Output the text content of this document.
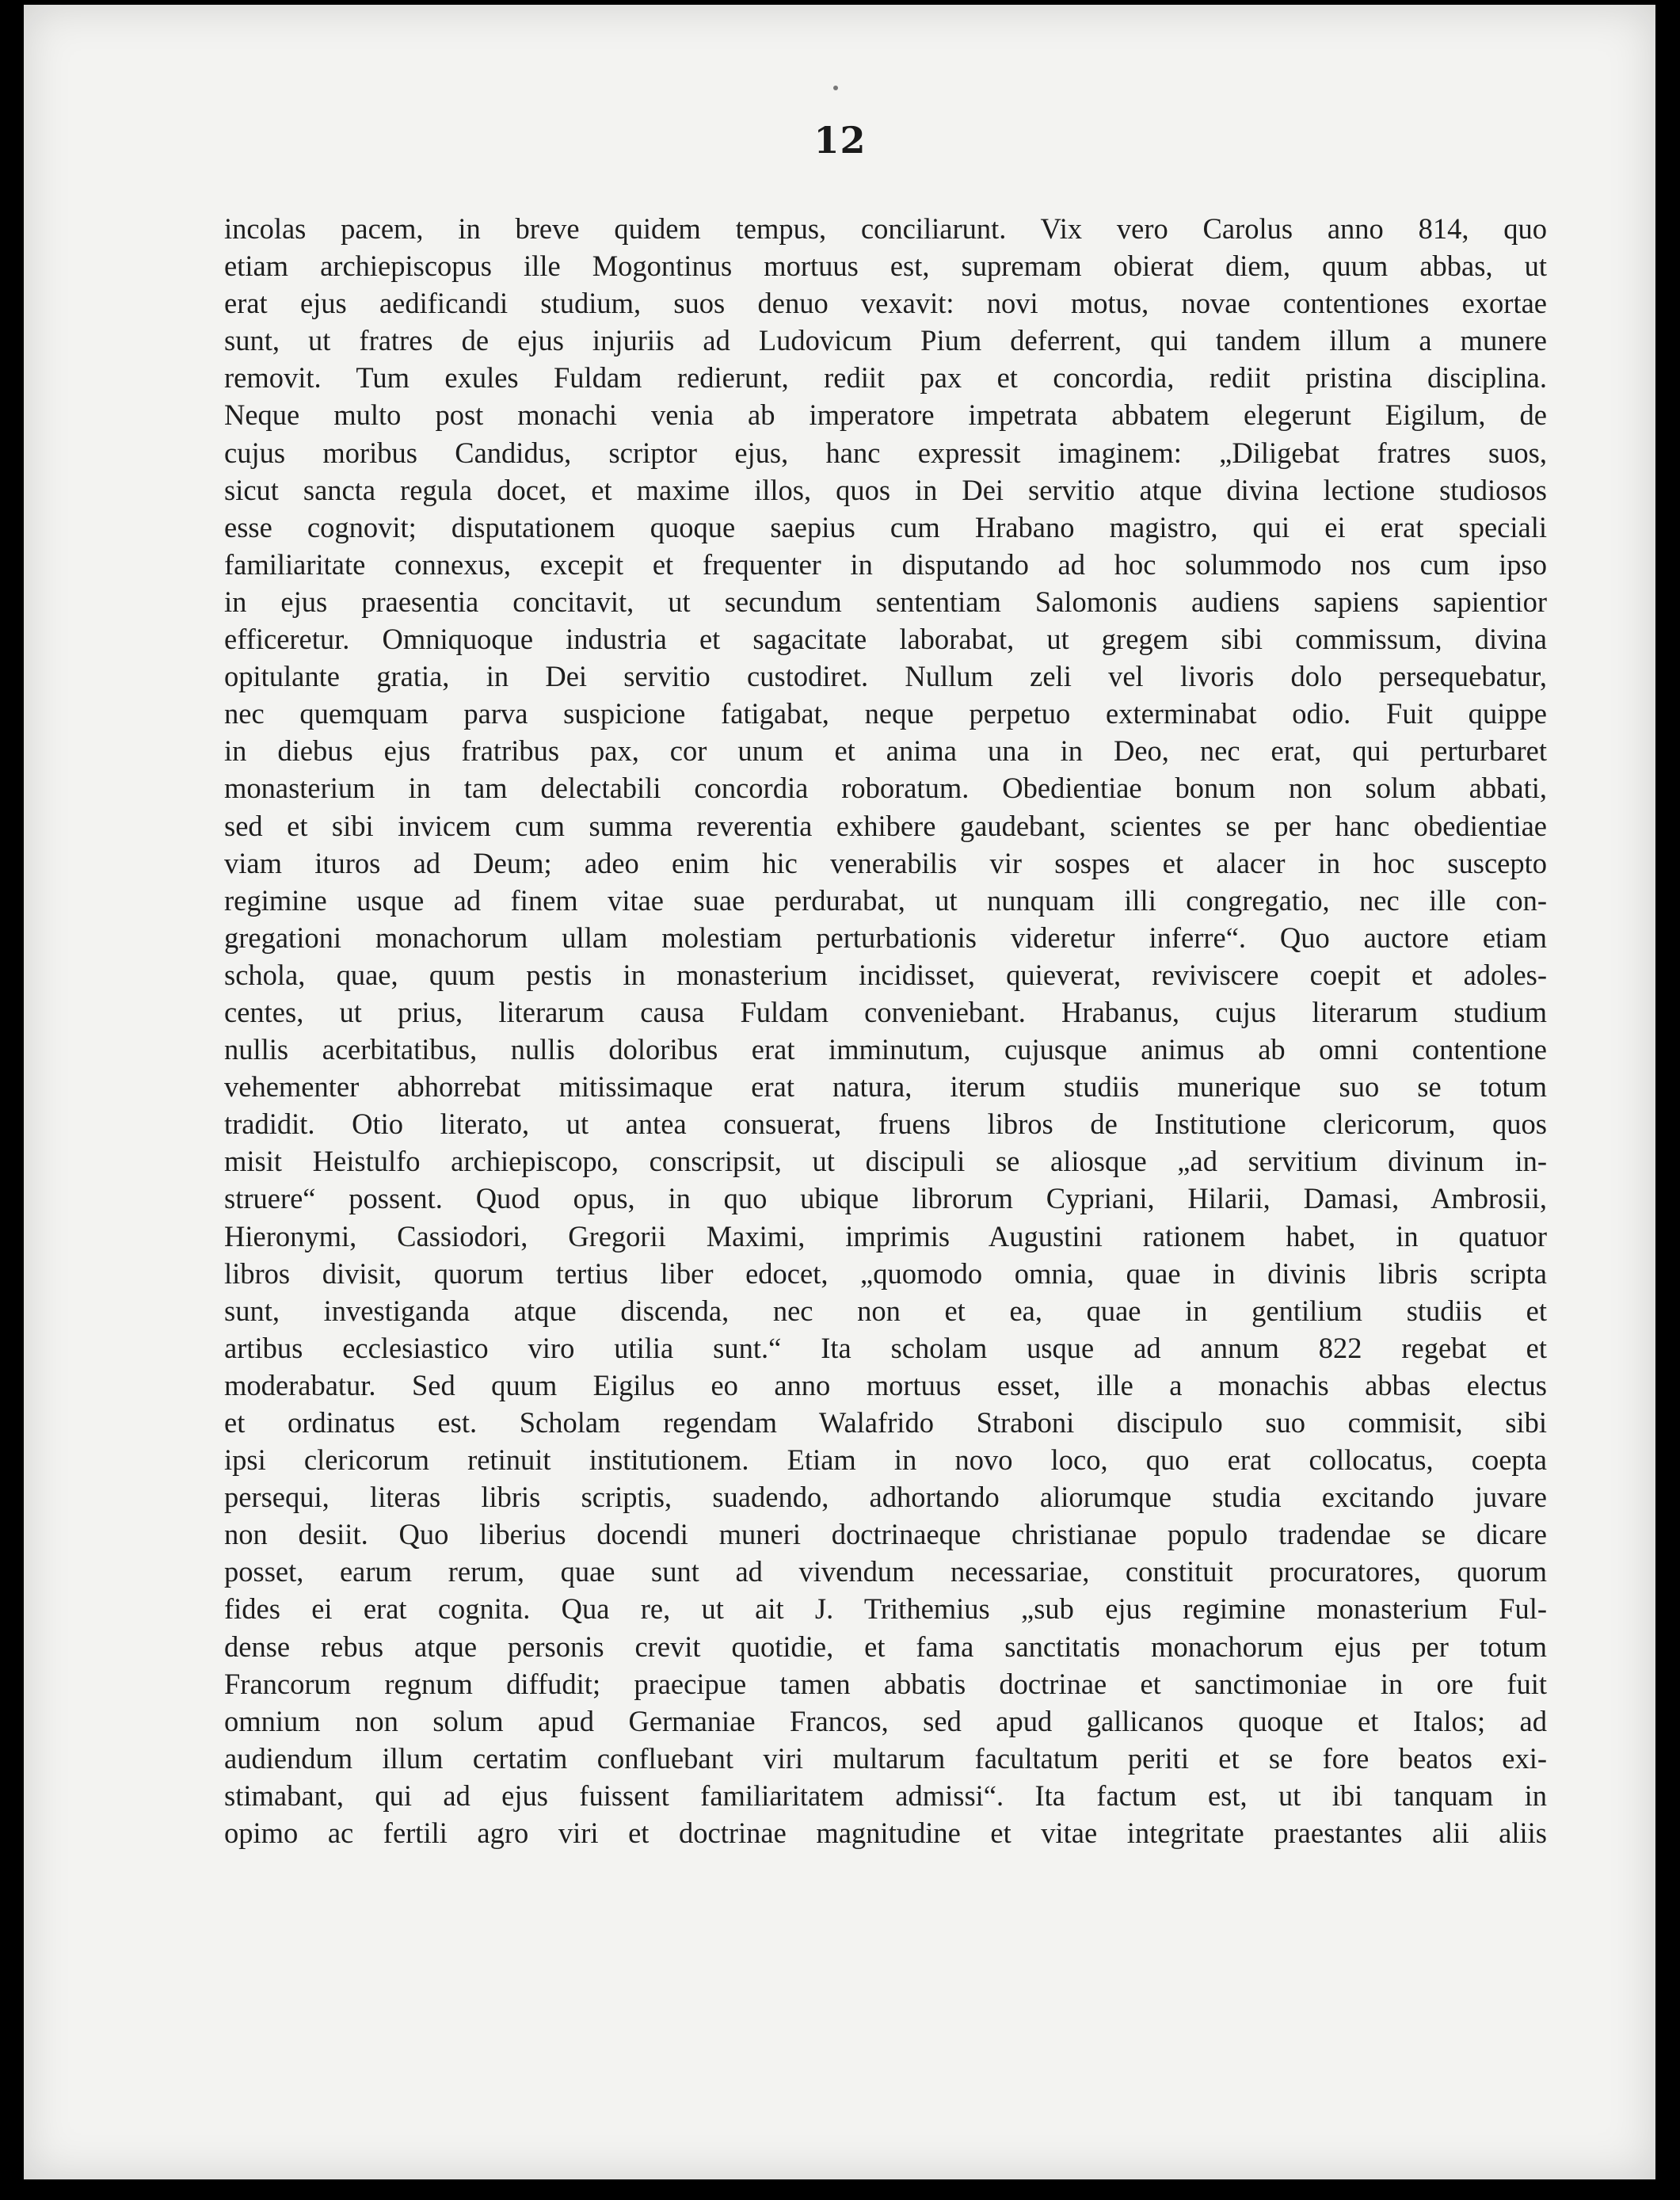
12
incolas pacem, in breve quidem tempus, conciliarunt. Vix vero Carolus anno 814, quo
etiam archiepiscopus ille Mogontinus mortuus est, supremam obierat diem, quum abbas, ut
erat ejus aedificandi studium, suos denuo vexavit: novi motus, novae contentiones exortae
sunt, ut fratres de ejus injuriis ad Ludovicum Pium deferrent, qui tandem illum a munere
removit. Tum exules Fuldam redierunt, rediit pax et concordia, rediit pristina disciplina.
Neque multo post monachi venia ab imperatore impetrata abbatem elegerunt Eigilum, de
cujus moribus Candidus, scriptor ejus, hanc expressit imaginem: „Diligebat fratres suos,
sicut sancta regula docet, et maxime illos, quos in Dei servitio atque divina lectione studiosos
esse cognovit; disputationem quoque saepius cum Hrabano magistro, qui ei erat speciali
familiaritate connexus, excepit et frequenter in disputando ad hoc solummodo nos cum ipso
in ejus praesentia concitavit, ut secundum sententiam Salomonis audiens sapiens sapientior
efficeretur. Omniquoque industria et sagacitate laborabat, ut gregem sibi commissum, divina
opitulante gratia, in Dei servitio custodiret. Nullum zeli vel livoris dolo persequebatur,
nec quemquam parva suspicione fatigabat, neque perpetuo exterminabat odio. Fuit quippe
in diebus ejus fratribus pax, cor unum et anima una in Deo, nec erat, qui perturbaret
monasterium in tam delectabili concordia roboratum. Obedientiae bonum non solum abbati,
sed et sibi invicem cum summa reverentia exhibere gaudebant, scientes se per hanc obedientiae
viam ituros ad Deum; adeo enim hic venerabilis vir sospes et alacer in hoc suscepto
regimine usque ad finem vitae suae perdurabat, ut nunquam illi congregatio, nec ille con-
gregationi monachorum ullam molestiam perturbationis videretur inferre“. Quo auctore etiam
schola, quae, quum pestis in monasterium incidisset, quieverat, reviviscere coepit et adoles-
centes, ut prius, literarum causa Fuldam conveniebant. Hrabanus, cujus literarum studium
nullis acerbitatibus, nullis doloribus erat imminutum, cujusque animus ab omni contentione
vehementer abhorrebat mitissimaque erat natura, iterum studiis munerique suo se totum
tradidit. Otio literato, ut antea consuerat, fruens libros de Institutione clericorum, quos
misit Heistulfo archiepiscopo, conscripsit, ut discipuli se aliosque „ad servitium divinum in-
struere“ possent. Quod opus, in quo ubique librorum Cypriani, Hilarii, Damasi, Ambrosii,
Hieronymi, Cassiodori, Gregorii Maximi, imprimis Augustini rationem habet, in quatuor
libros divisit, quorum tertius liber edocet, „quomodo omnia, quae in divinis libris scripta
sunt, investiganda atque discenda, nec non et ea, quae in gentilium studiis et
artibus ecclesiastico viro utilia sunt.“ Ita scholam usque ad annum 822 regebat et
moderabatur. Sed quum Eigilus eo anno mortuus esset, ille a monachis abbas electus
et ordinatus est. Scholam regendam Walafrido Straboni discipulo suo commisit, sibi
ipsi clericorum retinuit institutionem. Etiam in novo loco, quo erat collocatus, coepta
persequi, literas libris scriptis, suadendo, adhortando aliorumque studia excitando juvare
non desiit. Quo liberius docendi muneri doctrinaeque christianae populo tradendae se dicare
posset, earum rerum, quae sunt ad vivendum necessariae, constituit procuratores, quorum
fides ei erat cognita. Qua re, ut ait J. Trithemius „sub ejus regimine monasterium Ful-
dense rebus atque personis crevit quotidie, et fama sanctitatis monachorum ejus per totum
Francorum regnum diffudit; praecipue tamen abbatis doctrinae et sanctimoniae in ore fuit
omnium non solum apud Germaniae Francos, sed apud gallicanos quoque et Italos; ad
audiendum illum certatim confluebant viri multarum facultatum periti et se fore beatos exi-
stimabant, qui ad ejus fuissent familiaritatem admissi“. Ita factum est, ut ibi tanquam in
opimo ac fertili agro viri et doctrinae magnitudine et vitae integritate praestantes alii aliis
